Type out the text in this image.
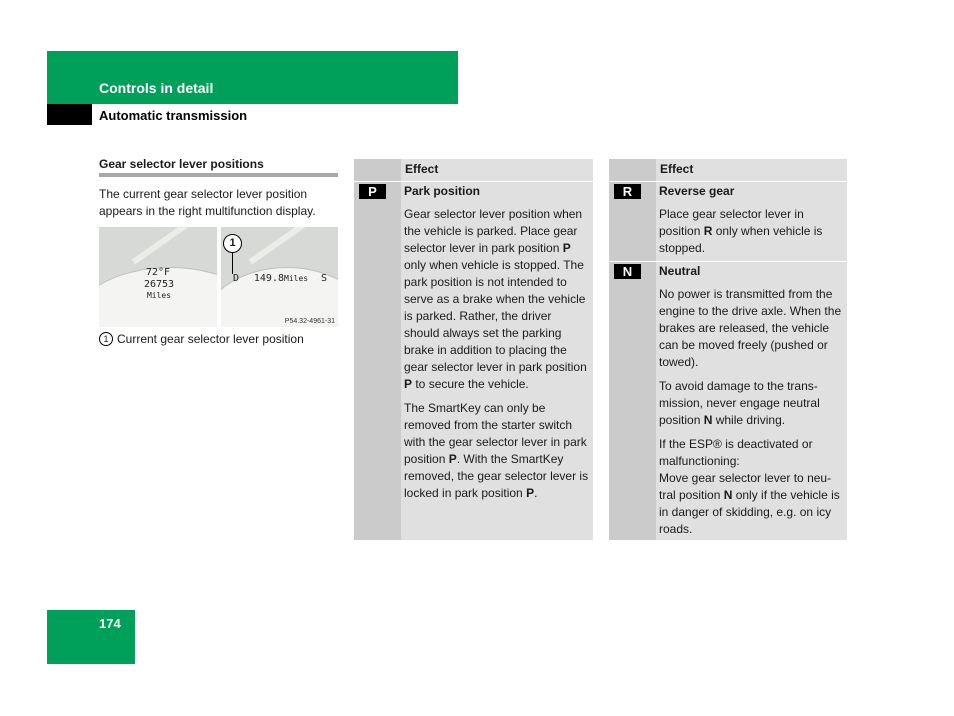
Controls in detail
Automatic transmission
Gear selector lever positions
The current gear selector lever position appears in the right multifunction display.
72°F
26753 Miles
D 149.8Miles S
P54.32-4961-31
1
1 Current gear selector lever position
Effect
P	Park position

Gear selector lever position when the vehicle is parked. Place gear selector lever in park position P only when vehicle is stopped. The park position is not intended to serve as a brake when the vehicle is parked. Rather, the driver should always set the parking brake in addition to placing the gear selector lever in park position P to secure the vehicle.

The SmartKey can only be removed from the starter switch with the gear selector lever in park position P. With the SmartKey removed, the gear selector lever is locked in park position P.

Effect
R	Reverse gear

Place gear selector lever in position R only when vehicle is stopped.

N	Neutral

No power is transmitted from the engine to the drive axle. When the brakes are released, the vehicle can be moved freely (pushed or towed).

To avoid damage to the trans-mission, never engage neutral position N while driving.

If the ESP® is deactivated or malfunctioning:
Move gear selector lever to neu-tral position N only if the vehicle is in danger of skidding, e.g. on icy roads.

174
